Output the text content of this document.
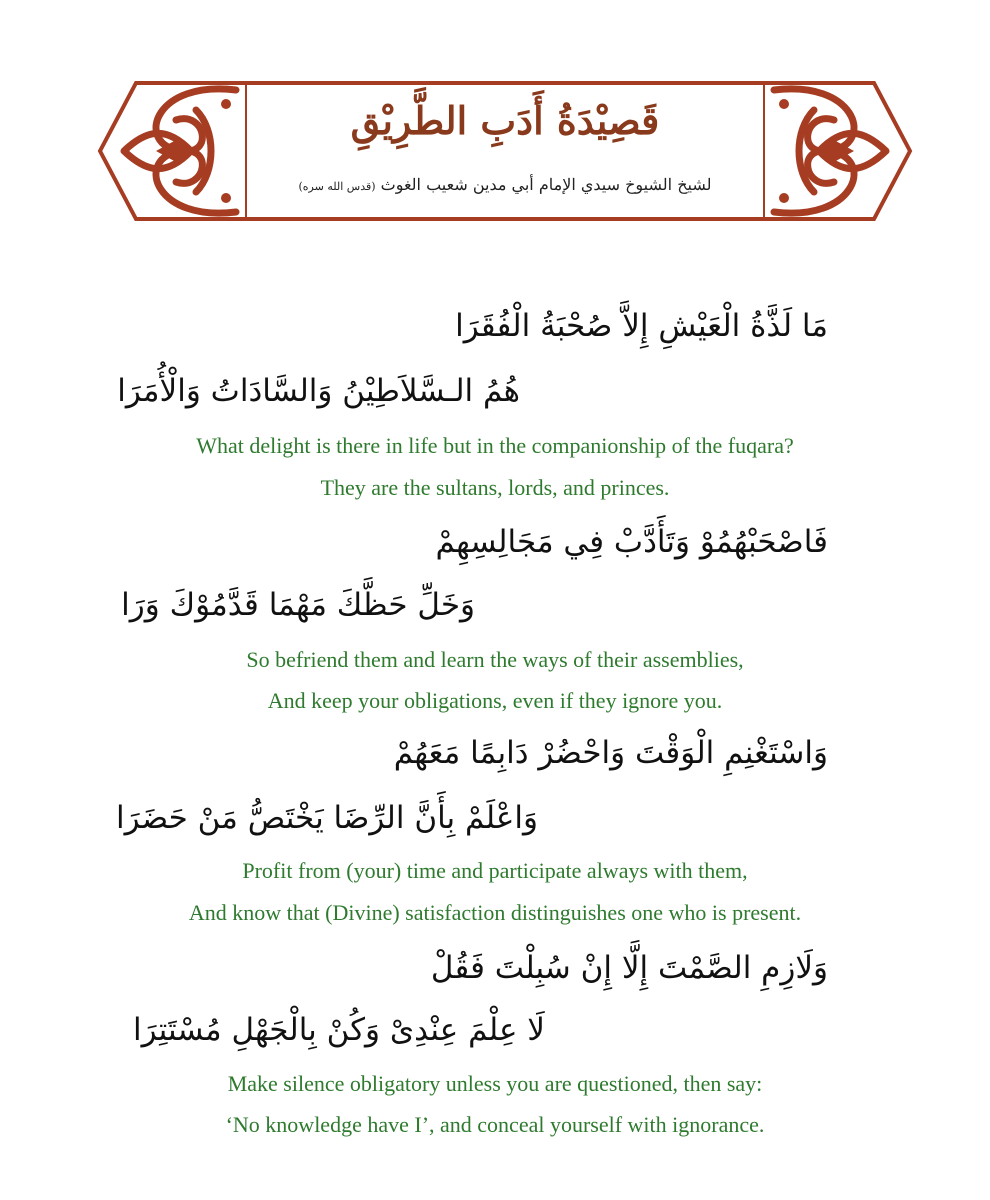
قَصِيْدَةُ أَدَبِ الطَّرِيْقِ
لشيخ الشيوخ سيدي الإمام أبي مدين شعيب الغوث (قدس الله سره)
مَا لَذَّةُ الْعَيْشِ إِلاَّ صُحْبَةُ الْفُقَرَا
هُمُ الـسَّلاَطِيْنُ وَالسَّادَاتُ وَالْأُمَرَا
What delight is there in life but in the companionship of the fuqara?
They are the sultans, lords, and princes.
فَاصْحَبْهُمُوْ وَتَأَدَّبْ فِي مَجَالِسِهِمْ
وَخَلِّ حَظَّكَ مَهْمَا قَدَّمُوْكَ وَرَا
So befriend them and learn the ways of their assemblies,
And keep your obligations, even if they ignore you.
وَاسْتَغْنِمِ الْوَقْتَ وَاحْضُرْ دَابِمًا مَعَهُمْ
وَاعْلَمْ بِأَنَّ الرِّضَا يَخْتَصُّ مَنْ حَضَرَا
Profit from (your) time and participate always with them,
And know that (Divine) satisfaction distinguishes one who is present.
وَلَازِمِ الصَّمْتَ إِلَّا إِنْ سُبِلْتَ فَقُلْ
لَا عِلْمَ عِنْدِىْ وَكُنْ بِالْجَهْلِ مُسْتَتِرَا
Make silence obligatory unless you are questioned, then say:
‘No knowledge have I’, and conceal yourself with ignorance.
